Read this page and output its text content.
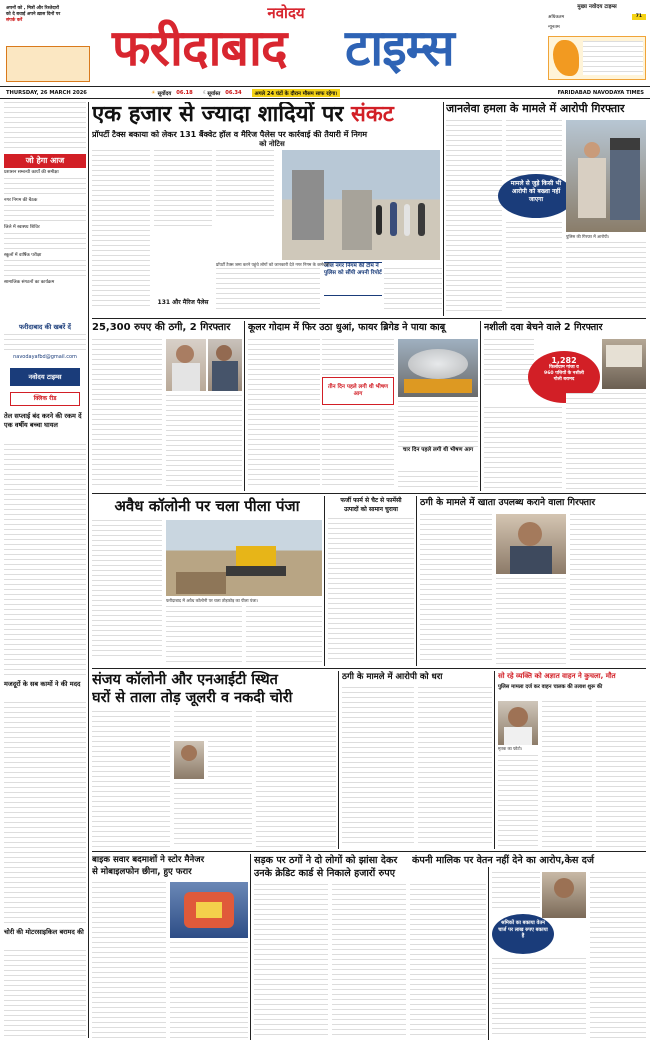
अपनों को , मित्रों और रिश्तेदारों
को दे बधाई अपने ख़ास दिनों पर
संपर्क करें	नवोदय
फरीदाबाद	टाइम्स
मुख्य नवोदय टाइम्स
अधिकतम	71
न्यूनतम
THURSDAY, 26 MARCH 2026	☀ सूर्योदय 06.18 ☾ सूर्यास्त 06.34	अगले 24 घंटों के दौरान मौसम साफ रहेगा।	FARIDABAD NAVODAYA TIMES
जो हेगा आज
प्रशासन सम्बन्धी कार्यों की समीक्षा
नगर निगम की बैठक
जिले में स्वास्थ्य शिविर
स्कूलों में वार्षिक परीक्षा
सामाजिक संगठनों का कार्यक्रम
फरीदाबाद की खबरें दें
navodayafbd@gmail.com
नवोदय टाइम्स
क्लिक रीड
तेल सप्लाई बंद करने की रकम दें एक वर्षीय बच्चा घायल
मजदूरों के सब कामों ने की मदद
चोरी की मोटरसाइकिल बरामद की
एक हजार से ज्यादा शादियों पर संकट
प्रॉपर्टी टैक्स बकाया को लेकर 131 बैंक्वेट हॉल व मैरिज पैलेस पर कार्रवाई की तैयारी में निगम
को नोटिस
131 और मैरिज पैलेस
आज नगर निगम की टीम ने पुलिस को सौंपी अपनी रिपोर्ट
प्रॉपर्टी टैक्स जमा करने पहुंचे लोगों को जानकारी देते नगर निगम के कर्मचारी।
जानलेवा हमला के मामले में आरोपी गिरफ्तार
मामले से जुड़े किसी भी आरोपी को बख्शा नहीं जाएगा
पुलिस की गिरफ्त में आरोपी।
25,300 रुपए की ठगी, 2 गिरफ्तार	कूलर गोदाम में फिर उठा धुआं, फायर ब्रिगेड ने पाया काबू
तीन दिन पहले लगी थी भीषण आग
चार दिन पहले लगी थी भीषण आग
नशीली दवा बेचने वाले 2 गिरफ्तार
1,282
किलोग्राम गांजा व
960 पत्तियों के नशीली
गोली बरामद
अवैध कॉलोनी पर चला पीला पंजा
फरीदाबाद में अवैध कॉलोनी पर चला तोड़फोड़ का पीला पंजा।
फर्जी फार्म से चैट से फार्मेसी
उत्पादों को सामान चुराया
ठगी के मामले में खाता उपलब्ध कराने वाला गिरफ्तार
संजय कॉलोनी और एनआईटी स्थित
घरों से ताला तोड़ जूलरी व नकदी चोरी
ठगी के मामले में आरोपी को धरा	सो रहे व्यक्ति को अज्ञात वाहन ने कुचला, मौत
पुलिस मामला दर्ज कर वाहन चालक की तलाश शुरू की
मृतक का फोटो।
बाइक सवार बदमाशों ने स्टोर मैनेजर
से मोबाइलफोन छीना, हुए फरार
सड़क पर ठगों ने दो लोगों को झांसा देकर
उनके क्रेडिट कार्ड से निकाले हजारों रुपए
कंपनी मालिक पर वेतन नहीं देने का आरोप,केस दर्ज
श्रमिकों का बकाया वेतन चार्ज पर लाख रुपए बकाया है
